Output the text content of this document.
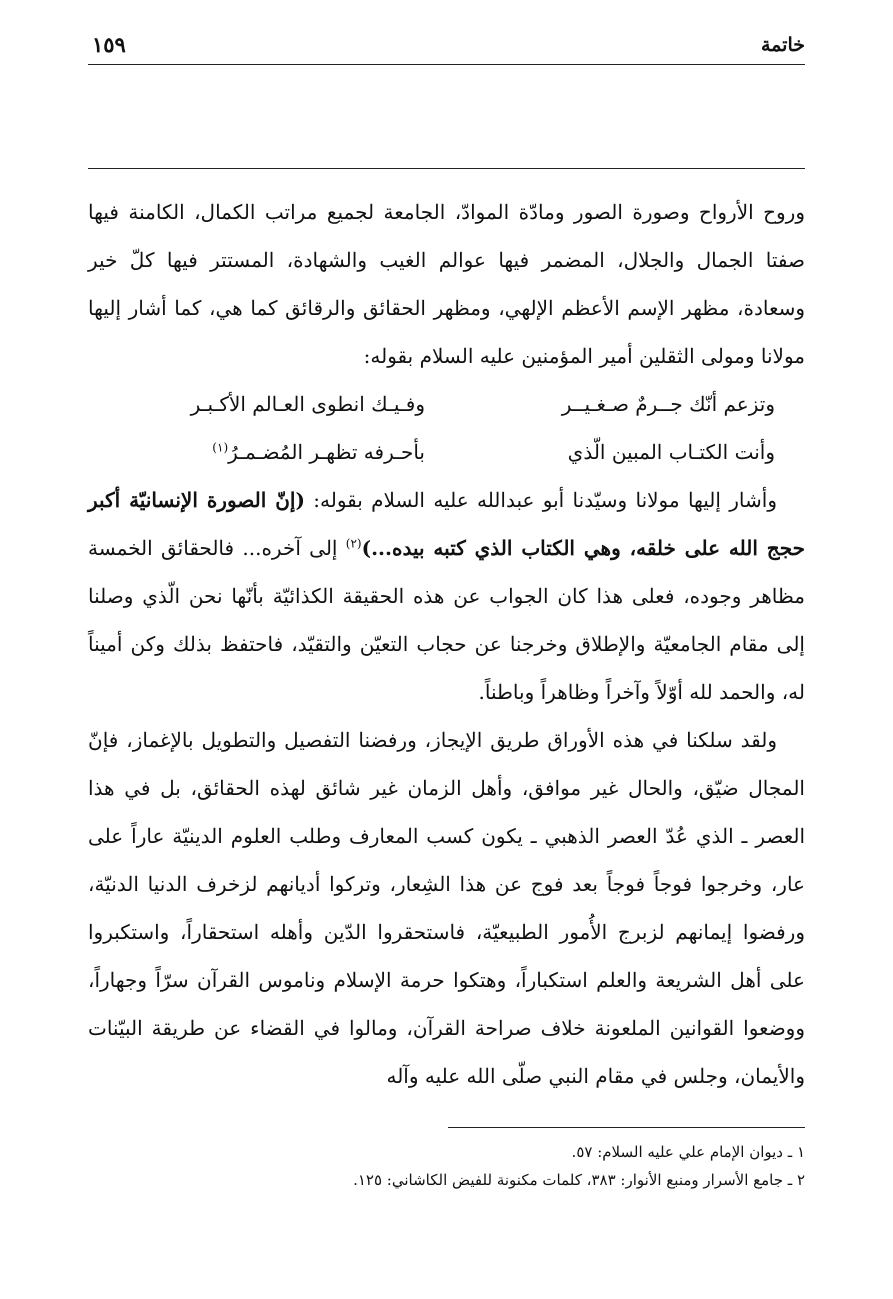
خاتمة
١٥٩

وروح الأرواح وصورة الصور ومادّة الموادّ، الجامعة لجميع مراتب الكمال، الكامنة فيها صفتا الجمال والجلال، المضمر فيها عوالم الغيب والشهادة، المستتر فيها كلّ خير وسعادة، مظهر الإسم الأعظم الإلهي، ومظهر الحقائق والرقائق كما هي، كما أشار إليها مولانا ومولى الثقلين أمير المؤمنين عليه السلام بقوله:

وتزعم أنّك جــرمٌ صـغـيــر
وفـيـك انطوى العـالم الأكـبـر
وأنت الكتـاب المبين الّذي
بأحـرفه تظهـر المُضـمـرُ$^{(١)}$

وأشار إليها مولانا وسيّدنا أبو عبدالله عليه السلام بقوله: (إنّ الصورة الإنسانيّة أكبر حجج الله على خلقه، وهي الكتاب الذي كتبه بيده...)$^{(٢)}$ إلى آخره... فالحقائق الخمسة مظاهر وجوده، فعلى هذا كان الجواب عن هذه الحقيقة الكذائيّة بأنّها نحن الّذي وصلنا إلى مقام الجامعيّة والإطلاق وخرجنا عن حجاب التعيّن والتقيّد، فاحتفظ بذلك وكن أميناً له، والحمد لله أوّلاً وآخراً وظاهراً وباطناً.

ولقد سلكنا في هذه الأوراق طريق الإيجاز، ورفضنا التفصيل والتطويل بالإغماز، فإنّ المجال ضيّق، والحال غير موافق، وأهل الزمان غير شائق لهذه الحقائق، بل في هذا العصر ـ الذي عُدّ العصر الذهبي ـ يكون كسب المعارف وطلب العلوم الدينيّة عاراً على عار، وخرجوا فوجاً فوجاً بعد فوج عن هذا الشِعار، وتركوا أديانهم لزخرف الدنيا الدنيّة، ورفضوا إيمانهم لزبرج الأُمور الطبيعيّة، فاستحقروا الدّين وأهله استحقاراً، واستكبروا على أهل الشريعة والعلم استكباراً، وهتكوا حرمة الإسلام وناموس القرآن سرّاً وجهاراً، ووضعوا القوانين الملعونة خلاف صراحة القرآن، ومالوا في القضاء عن طريقة البيّنات والأيمان، وجلس في مقام النبي صلّى الله عليه وآله

١ ـ ديوان الإمام علي عليه السلام: ٥٧.

٢ ـ جامع الأسرار ومنبع الأنوار: ٣٨٣، كلمات مكنونة للفيض الكاشاني: ١٢٥.
